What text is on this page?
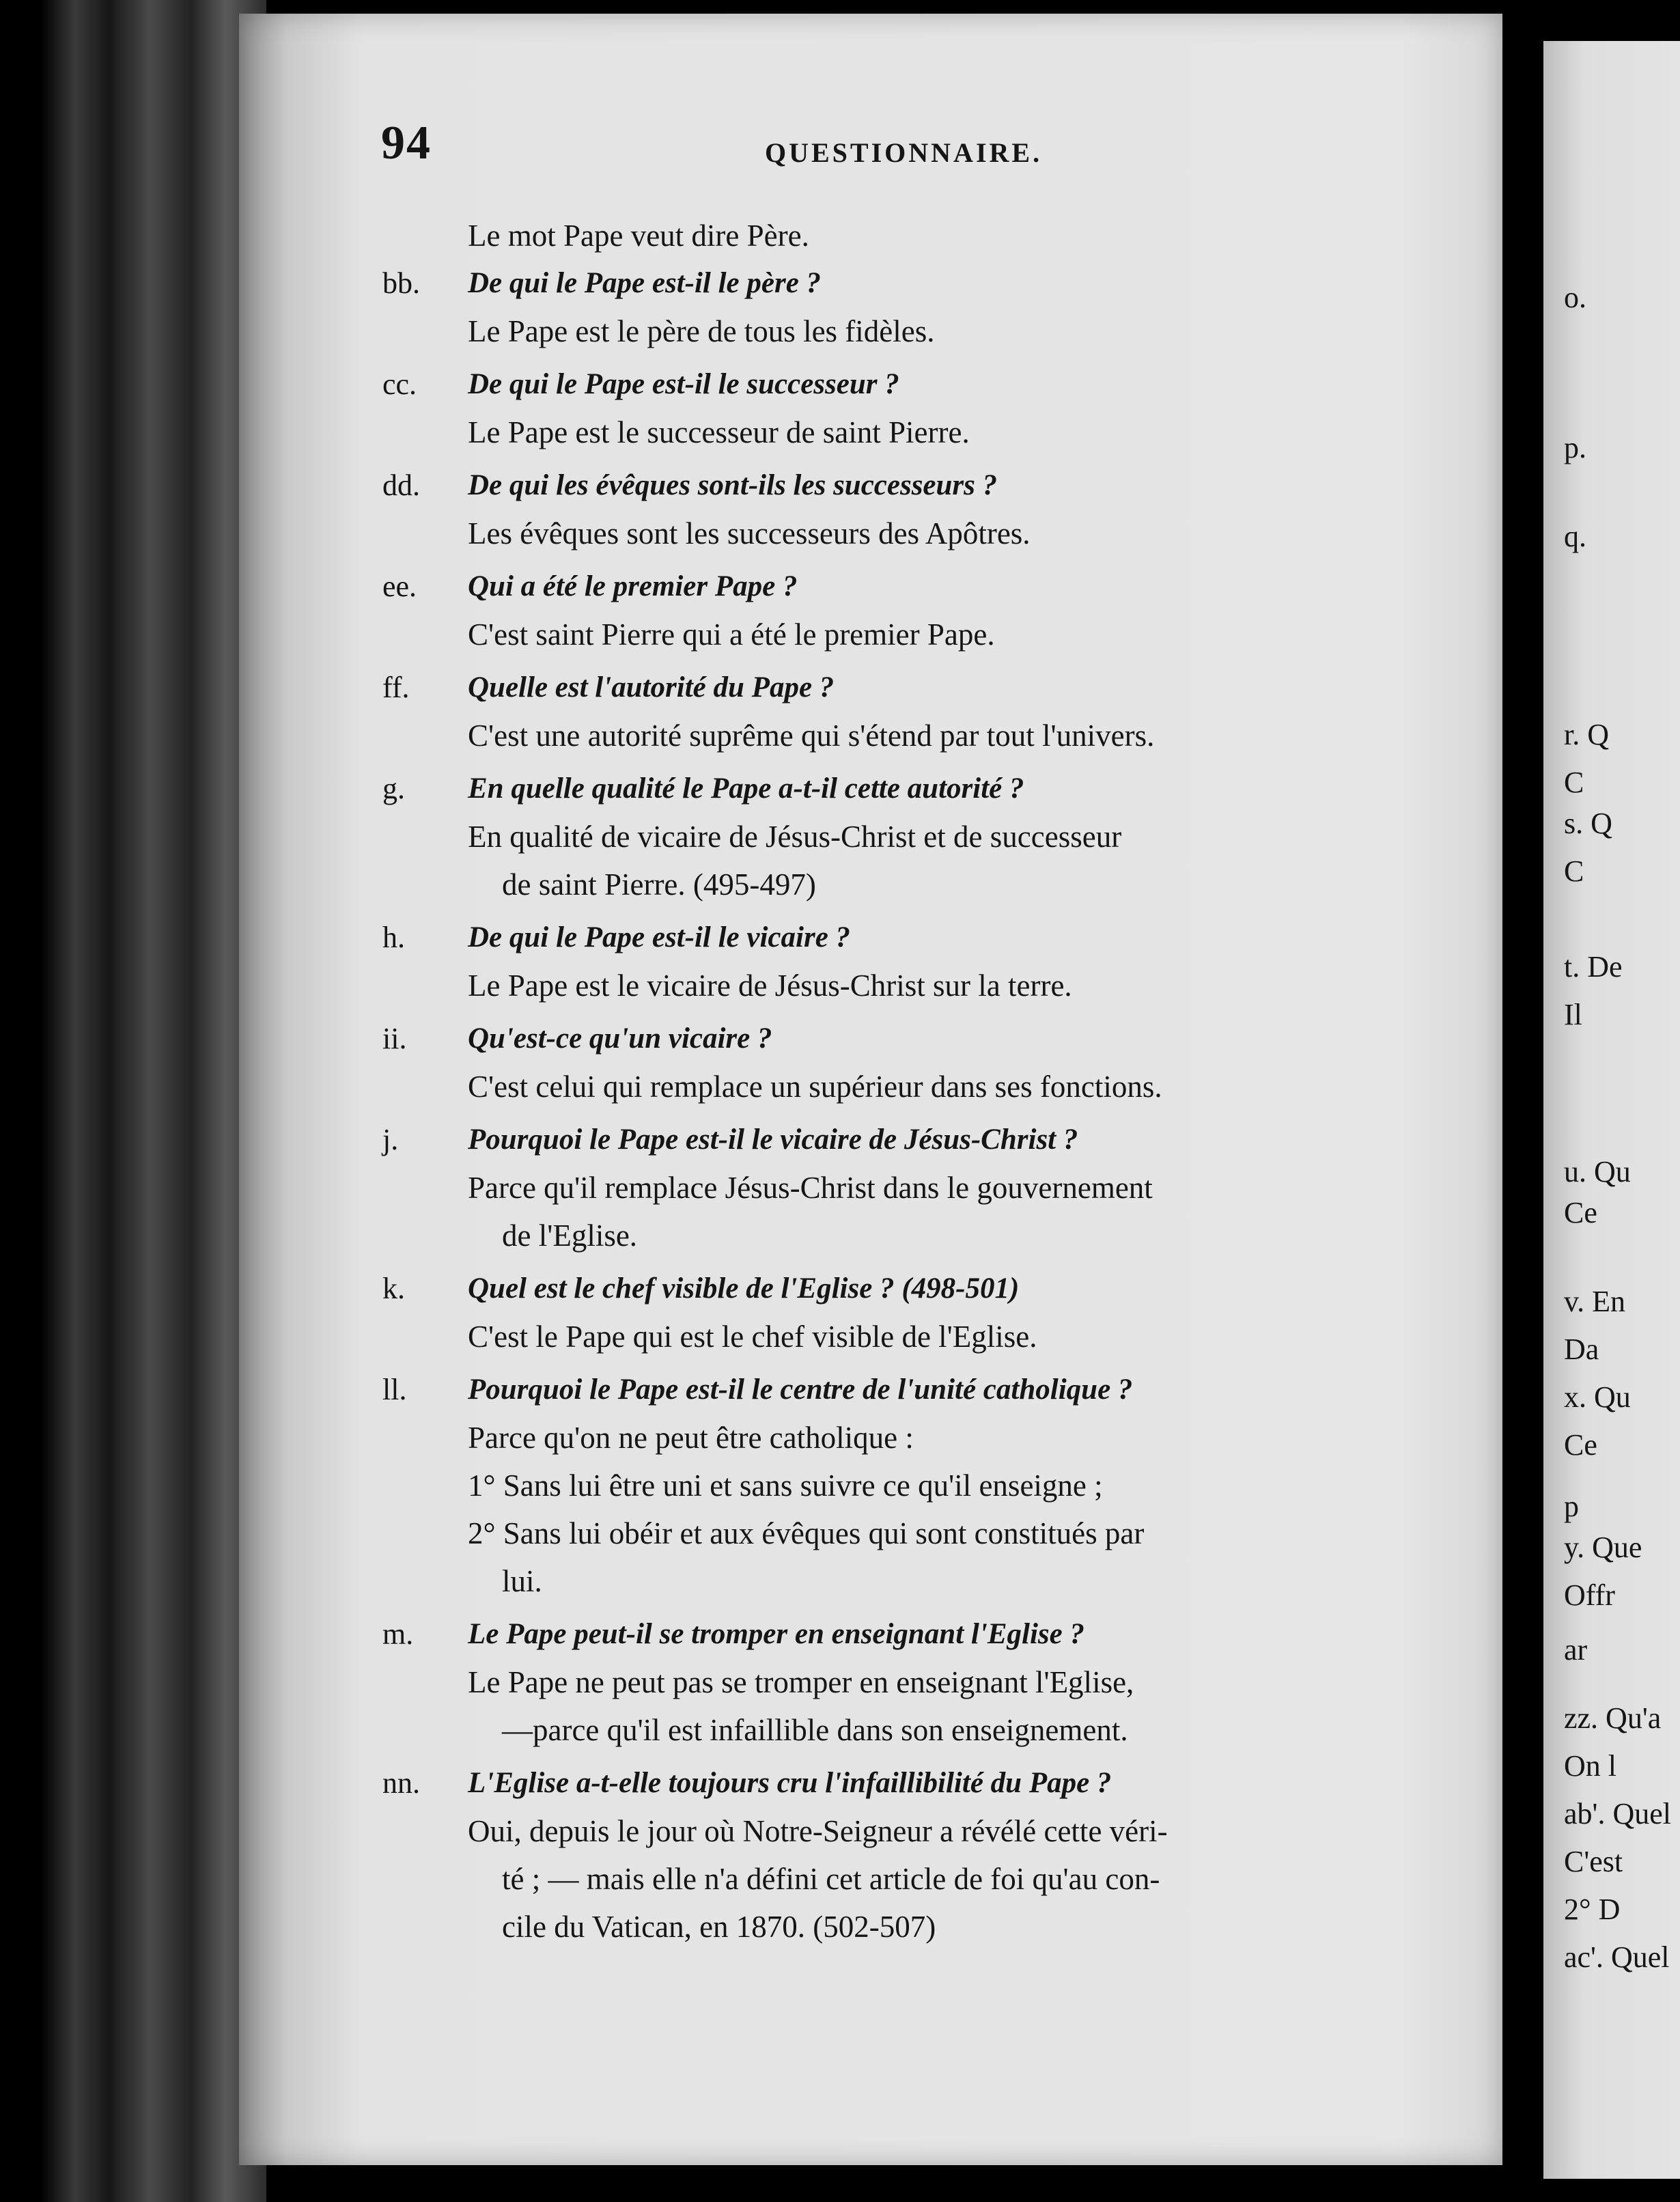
94	QUESTIONNAIRE.
Le mot Pape veut dire Père.
bb.	De qui le Pape est-il le père ?
Le Pape est le père de tous les fidèles.
cc.	De qui le Pape est-il le successeur ?
Le Pape est le successeur de saint Pierre.
dd.	De qui les évêques sont-ils les successeurs ?
Les évêques sont les successeurs des Apôtres.
ee.	Qui a été le premier Pape ?
C'est saint Pierre qui a été le premier Pape.
ff.	Quelle est l'autorité du Pape ?
C'est une autorité suprême qui s'étend par tout l'univers.
g.	En quelle qualité le Pape a-t-il cette autorité ?
En qualité de vicaire de Jésus-Christ et de successeur
de saint Pierre. (495-497)
h.	De qui le Pape est-il le vicaire ?
Le Pape est le vicaire de Jésus-Christ sur la terre.
ii.	Qu'est-ce qu'un vicaire ?
C'est celui qui remplace un supérieur dans ses fonctions.
j.	Pourquoi le Pape est-il le vicaire de Jésus-Christ ?
Parce qu'il remplace Jésus-Christ dans le gouvernement
de l'Eglise.
k.	Quel est le chef visible de l'Eglise ? (498-501)
C'est le Pape qui est le chef visible de l'Eglise.
ll.	Pourquoi le Pape est-il le centre de l'unité catholique ?
Parce qu'on ne peut être catholique :
1° Sans lui être uni et sans suivre ce qu'il enseigne ;
2° Sans lui obéir et aux évêques qui sont constitués par
lui.
m.	Le Pape peut-il se tromper en enseignant l'Eglise ?
Le Pape ne peut pas se tromper en enseignant l'Eglise,
—parce qu'il est infaillible dans son enseignement.
nn.	L'Eglise a-t-elle toujours cru l'infaillibilité du Pape ?
Oui, depuis le jour où Notre-Seigneur a révélé cette véri-
té ; — mais elle n'a défini cet article de foi qu'au con-
cile du Vatican, en 1870. (502-507)
o.
p.
q.
r. Q
C
s. Q
C
t. De
Il
u. Qu
Ce
v. En
Da
x. Qu
Ce
p
y. Que
Offr
ar
zz. Qu'a
On l
ab'. Quel
C'est
2° D
ac'. Quel
